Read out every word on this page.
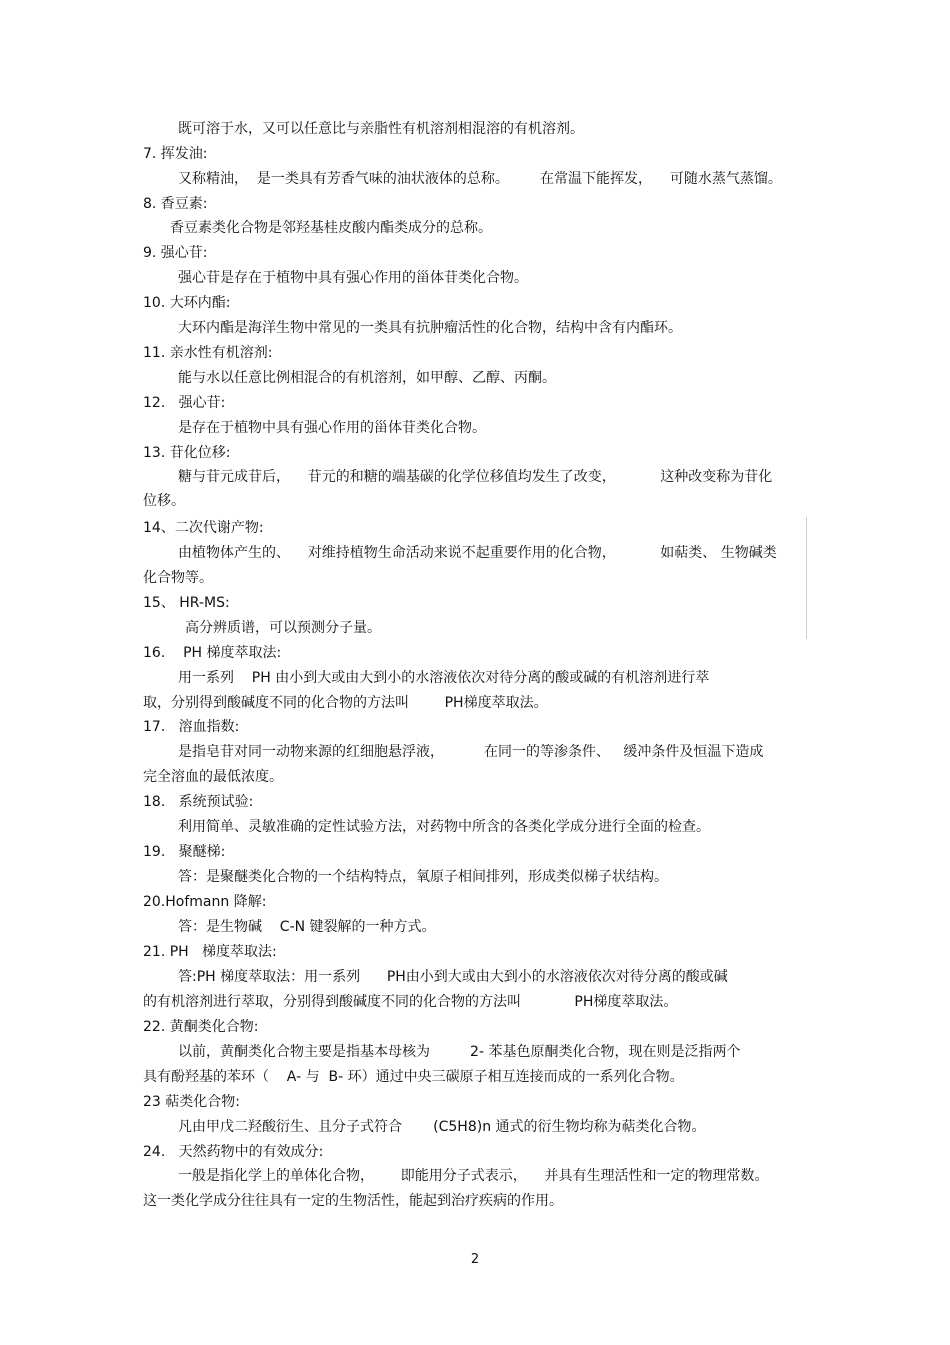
既可溶于水，又可以任意比与亲脂性有机溶剂相混溶的有机溶剂。
7. 挥发油:
又称精油，  是一类具有芳香气味的油状液体的总称。       在常温下能挥发，    可随水蒸气蒸馏。
8. 香豆素:
香豆素类化合物是邻羟基桂皮酸内酯类成分的总称。
9. 强心苷:
强心苷是存在于植物中具有强心作用的甾体苷类化合物。
10. 大环内酯:
大环内酯是海洋生物中常见的一类具有抗肿瘤活性的化合物，结构中含有内酯环。
11. 亲水性有机溶剂:
能与水以任意比例相混合的有机溶剂，如甲醇、乙醇、丙酮。
12.   强心苷:
是存在于植物中具有强心作用的甾体苷类化合物。
13. 苷化位移:
糖与苷元成苷后，    苷元的和糖的端基碳的化学位移值均发生了改变，          这种改变称为苷化
位移。
14、二次代谢产物:
由植物体产生的、    对维持植物生命活动来说不起重要作用的化合物，          如萜类、 生物碱类
化合物等。
15、 HR-MS:
高分辨质谱，可以预测分子量。
16.    PH 梯度萃取法:
用一系列    PH 由小到大或由大到小的水溶液依次对待分离的酸或碱的有机溶剂进行萃
取，分别得到酸碱度不同的化合物的方法叫        PH梯度萃取法。
17.   溶血指数:
是指皂苷对同一动物来源的红细胞悬浮液，         在同一的等渗条件、   缓冲条件及恒温下造成
完全溶血的最低浓度。
18.   系统预试验:
利用简单、灵敏准确的定性试验方法，对药物中所含的各类化学成分进行全面的检查。
19.   聚醚梯:
答：是聚醚类化合物的一个结构特点，氧原子相间排列，形成类似梯子状结构。
20.Hofmann 降解:
答：是生物碱    C-N 键裂解的一种方式。
21. PH   梯度萃取法:
答:PH 梯度萃取法：用一系列      PH由小到大或由大到小的水溶液依次对待分离的酸或碱
的有机溶剂进行萃取，分别得到酸碱度不同的化合物的方法叫            PH梯度萃取法。
22. 黄酮类化合物:
以前，黄酮类化合物主要是指基本母核为         2- 苯基色原酮类化合物，现在则是泛指两个
具有酚羟基的苯环（    A- 与  B- 环）通过中央三碳原子相互连接而成的一系列化合物。
23 萜类化合物:
凡由甲戊二羟酸衍生、且分子式符合       (C5H8)n 通式的衍生物均称为萜类化合物。
24.   天然药物中的有效成分:
一般是指化学上的单体化合物，      即能用分子式表示，    并具有生理活性和一定的物理常数。
这一类化学成分往往具有一定的生物活性，能起到治疗疾病的作用。
2
